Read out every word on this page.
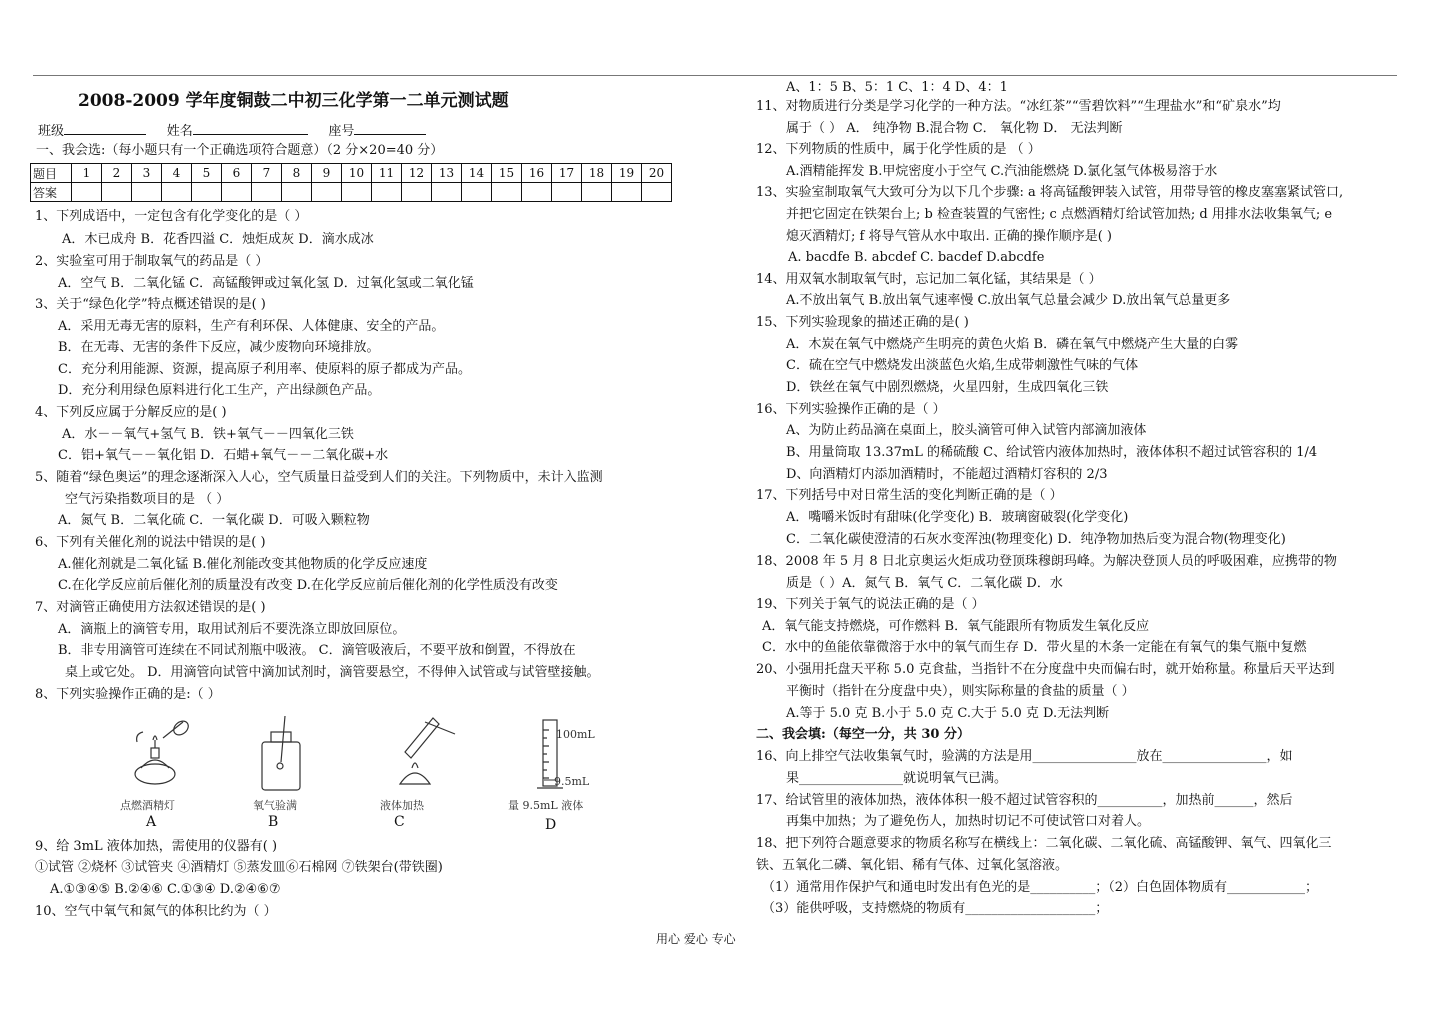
2008-2009 学年度铜鼓二中初三化学第一二单元测试题
班级	姓名	座号
一、我会选:（每小题只有一个正确选项符合题意）（2 分×20=40 分）
题目	1	2	3	4	5	6	7	8	9	10	11	12	13	14	15	16	17	18	19	20
答案																				
1、下列成语中，一定包含有化学变化的是（ ）
A．木已成舟 B．花香四溢 C．烛炬成灰 D．滴水成冰
2、实验室可用于制取氧气的药品是（ ）
A．空气 B．二氧化锰 C．高锰酸钾或过氧化氢 D．过氧化氢或二氧化锰
3、关于“绿色化学”特点概述错误的是( )
A．采用无毒无害的原料，生产有利环保、人体健康、安全的产品。
B．在无毒、无害的条件下反应，减少废物向环境排放。
C．充分利用能源、资源，提高原子利用率、使原料的原子都成为产品。
D．充分利用绿色原料进行化工生产，产出绿颜色产品。
4、下列反应属于分解反应的是( )
A．水－－氧气+氢气 B．铁+氧气－－四氧化三铁
C．铝+氧气－－氧化铝 D．石蜡+氧气－－二氧化碳+水
5、随着“绿色奥运”的理念逐渐深入人心，空气质量日益受到人们的关注。下列物质中，未计入监测
空气污染指数项目的是 （ ）
A．氮气 B．二氧化硫 C．一氧化碳 D．可吸入颗粒物
6、下列有关催化剂的说法中错误的是( )
A.催化剂就是二氧化锰 B.催化剂能改变其他物质的化学反应速度
C.在化学反应前后催化剂的质量没有改变 D.在化学反应前后催化剂的化学性质没有改变
7、对滴管正确使用方法叙述错误的是( )
A．滴瓶上的滴管专用，取用试剂后不要洗涤立即放回原位。
B．非专用滴管可连续在不同试剂瓶中吸液。 C．滴管吸液后，不要平放和倒置，不得放在
桌上或它处。 D．用滴管向试管中滴加试剂时，滴管要悬空，不得伸入试管或与试管壁接触。
8、下列实验操作正确的是:（ ）
100mL
9.5mL
点燃酒精灯	氧气验满	液体加热	量 9.5mL 液体
A	B	C	D
9、给 3mL 液体加热，需使用的仪器有( )
①试管 ②烧杯 ③试管夹 ④酒精灯 ⑤蒸发皿⑥石棉网 ⑦铁架台(带铁圈)
A.①③④⑤ B.②④⑥ C.①③④ D.②④⑥⑦
10、空气中氧气和氮气的体积比约为（ ）
A、1：5 B、5：1 C、1：4 D、4：1
11、对物质进行分类是学习化学的一种方法。“冰红茶”“雪碧饮料”“生理盐水”和“矿泉水”均
属于（ ） A． 纯净物 B.混合物 C． 氧化物 D． 无法判断
12、下列物质的性质中，属于化学性质的是 （ ）
A.酒精能挥发 B.甲烷密度小于空气 C.汽油能燃烧 D.氯化氢气体极易溶于水
13、实验室制取氧气大致可分为以下几个步骤: a 将高锰酸钾装入试管，用带导管的橡皮塞塞紧试管口,
并把它固定在铁架台上; b 检查装置的气密性; c 点燃酒精灯给试管加热; d 用排水法收集氧气; e
熄灭酒精灯; f 将导气管从水中取出. 正确的操作顺序是( )
A. bacdfe B. abcdef C. bacdef D.abcdfe
14、用双氧水制取氧气时，忘记加二氧化锰，其结果是（ ）
A.不放出氧气 B.放出氧气速率慢 C.放出氧气总量会减少 D.放出氧气总量更多
15、下列实验现象的描述正确的是( )
A．木炭在氧气中燃烧产生明亮的黄色火焰 B．磷在氧气中燃烧产生大量的白雾
C．硫在空气中燃烧发出淡蓝色火焰,生成带刺激性气味的气体
D．铁丝在氧气中剧烈燃烧，火星四射，生成四氧化三铁
16、下列实验操作正确的是（ ）
A、为防止药品滴在桌面上，胶头滴管可伸入试管内部滴加液体
B、用量筒取 13.37mL 的稀硫酸 C、给试管内液体加热时，液体体积不超过试管容积的 1/4
D、向酒精灯内添加酒精时，不能超过酒精灯容积的 2/3
17、下列括号中对日常生活的变化判断正确的是（ ）
A．嘴嚼米饭时有甜味(化学变化) B．玻璃窗破裂(化学变化)
C．二氧化碳使澄清的石灰水变浑浊(物理变化) D．纯净物加热后变为混合物(物理变化)
18、2008 年 5 月 8 日北京奥运火炬成功登顶珠穆朗玛峰。为解决登顶人员的呼吸困难，应携带的物
质是（ ）A．氮气 B．氧气 C．二氧化碳 D．水
19、下列关于氧气的说法正确的是（ ）
A．氧气能支持燃烧，可作燃料 B．氧气能跟所有物质发生氧化反应
C．水中的鱼能依靠微溶于水中的氧气而生存 D．带火星的木条一定能在有氧气的集气瓶中复燃
20、小强用托盘天平称 5.0 克食盐，当指针不在分度盘中央而偏右时，就开始称量。称量后天平达到
平衡时（指针在分度盘中央），则实际称量的食盐的质量（ ）
A.等于 5.0 克 B.小于 5.0 克 C.大于 5.0 克 D.无法判断
二、我会填:（每空一分，共 30 分）
16、向上排空气法收集氧气时，验满的方法是用________________放在________________，如
果________________就说明氧气已满。
17、给试管里的液体加热，液体体积一般不超过试管容积的__________，加热前______，然后
再集中加热；为了避免伤人，加热时切记不可使试管口对着人。
18、把下列符合题意要求的物质名称写在横线上：二氧化碳、二氧化硫、高锰酸钾、氧气、四氧化三
铁、五氧化二磷、氧化铝、稀有气体、过氧化氢溶液。
（1）通常用作保护气和通电时发出有色光的是__________；（2）白色固体物质有____________；
（3）能供呼吸，支持燃烧的物质有____________________；
用心 爱心 专心
